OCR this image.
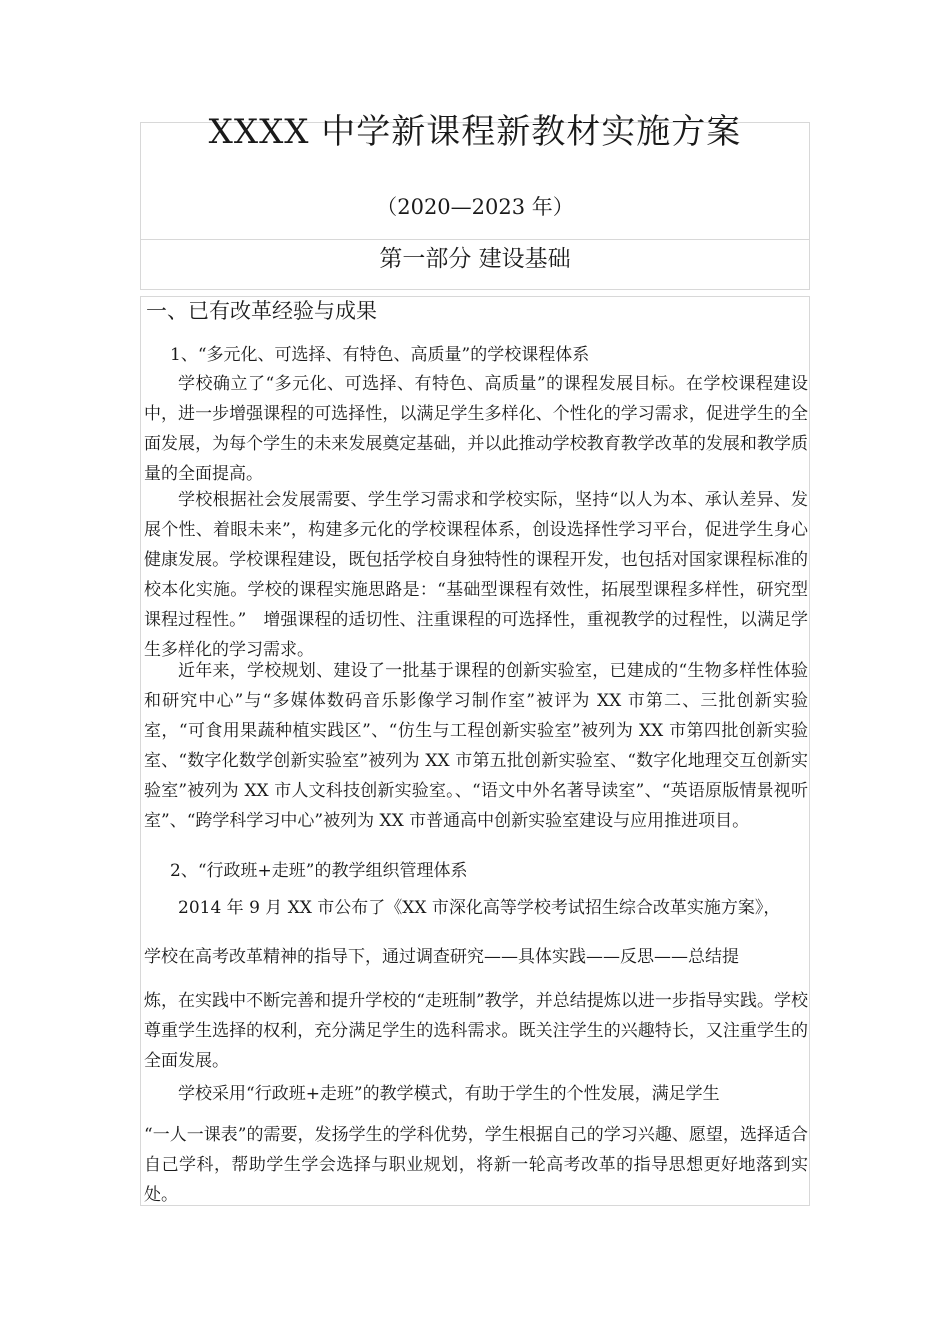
XXXX 中学新课程新教材实施方案
（2020—2023 年）
第一部分 建设基础
一、已有改革经验与成果
1、“多元化、可选择、有特色、高质量”的学校课程体系
学校确立了“多元化、可选择、有特色、高质量”的课程发展目标。在学校课程建设中，进一步增强课程的可选择性，以满足学生多样化、个性化的学习需求，促进学生的全面发展，为每个学生的未来发展奠定基础，并以此推动学校教育教学改革的发展和教学质量的全面提高。
学校根据社会发展需要、学生学习需求和学校实际，坚持“以人为本、承认差异、发展个性、着眼未来”，构建多元化的学校课程体系，创设选择性学习平台，促进学生身心健康发展。学校课程建设，既包括学校自身独特性的课程开发，也包括对国家课程标准的校本化实施。学校的课程实施思路是：“基础型课程有效性，拓展型课程多样性，研究型课程过程性。”　增强课程的适切性、注重课程的可选择性，重视教学的过程性，以满足学生多样化的学习需求。
近年来，学校规划、建设了一批基于课程的创新实验室，已建成的“生物多样性体验和研究中心”与“多媒体数码音乐影像学习制作室”被评为 XX 市第二、三批创新实验室，“可食用果蔬种植实践区”、“仿生与工程创新实验室”被列为 XX 市第四批创新实验室、“数字化数学创新实验室”被列为 XX 市第五批创新实验室、“数字化地理交互创新实验室”被列为 XX 市人文科技创新实验室。、“语文中外名著导读室”、“英语原版情景视听室”、“跨学科学习中心”被列为 XX 市普通高中创新实验室建设与应用推进项目。
2、“行政班+走班”的教学组织管理体系
2014 年 9 月 XX 市公布了《XX 市深化高等学校考试招生综合改革实施方案》，
学校在高考改革精神的指导下，通过调查研究——具体实践——反思——总结提
炼，在实践中不断完善和提升学校的“走班制”教学，并总结提炼以进一步指导实践。学校尊重学生选择的权利，充分满足学生的选科需求。既关注学生的兴趣特长，又注重学生的全面发展。
学校采用“行政班+走班”的教学模式，有助于学生的个性发展，满足学生
“一人一课表”的需要，发扬学生的学科优势，学生根据自己的学习兴趣、愿望，选择适合自己学科，帮助学生学会选择与职业规划，将新一轮高考改革的指导思想更好地落到实处。
